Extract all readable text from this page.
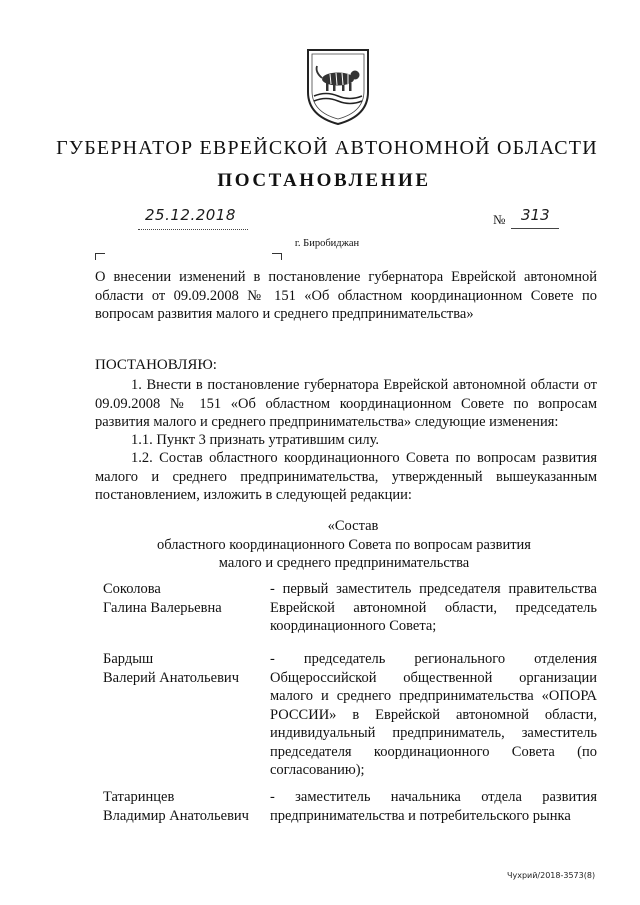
ГУБЕРНАТОР ЕВРЕЙСКОЙ АВТОНОМНОЙ ОБЛАСТИ
ПОСТАНОВЛЕНИЕ
25.12.2018	№ 313
г. Биробиджан
О внесении изменений в постановление губернатора Еврейской автономной области от 09.09.2008 № 151 «Об областном координационном Совете по вопросам развития малого и среднего предпринимательства»
ПОСТАНОВЛЯЮ:
1. Внести в постановление губернатора Еврейской автономной области от 09.09.2008 № 151 «Об областном координационном Совете по вопросам развития малого и среднего предпринимательства» следующие изменения:
1.1. Пункт 3 признать утратившим силу.
1.2. Состав областного координационного Совета по вопросам развития малого и среднего предпринимательства, утвержденный вышеуказанным постановлением, изложить в следующей редакции:
«Состав
областного координационного Совета по вопросам развития
малого и среднего предпринимательства
Соколова
Галина Валерьевна
- первый заместитель председателя правительства Еврейской автономной области, председатель координационного Совета;
Бардыш
Валерий Анатольевич
- председатель регионального отделения Общероссийской общественной организации малого и среднего предпринимательства «ОПОРА РОССИИ» в Еврейской автономной области, индивидуальный предприниматель, заместитель председателя координационного Совета (по согласованию);
Татаринцев
Владимир Анатольевич
- заместитель начальника отдела развития предпринимательства и потребительского рынка
Чухрий/2018-3573(8)
